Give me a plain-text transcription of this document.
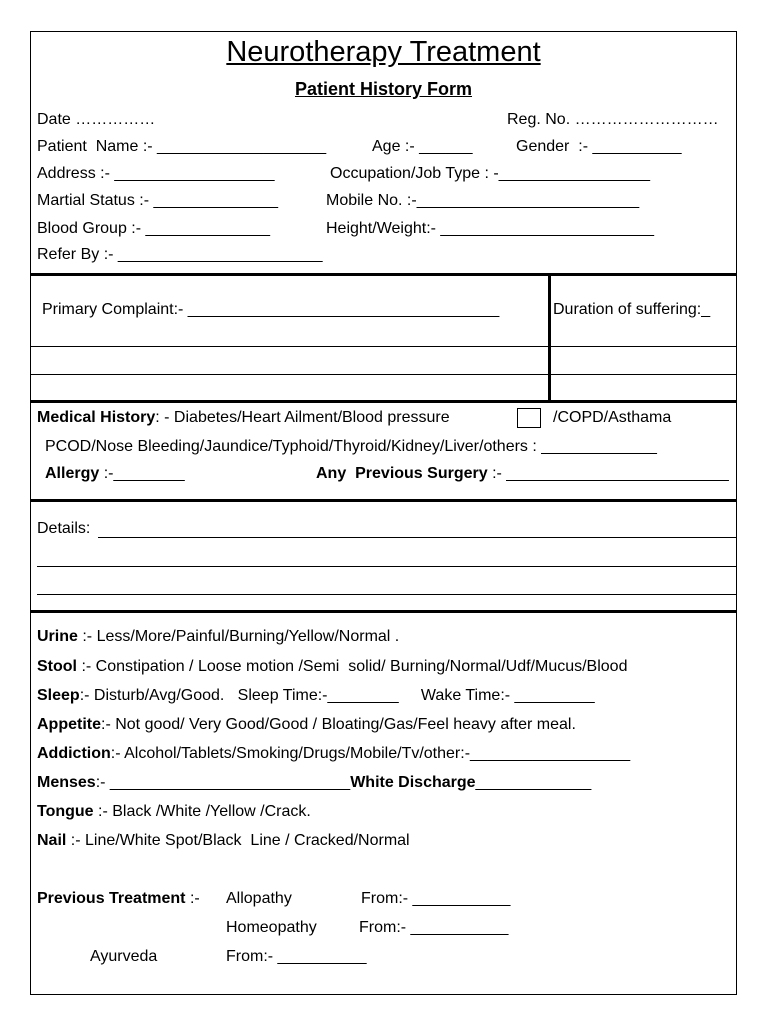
Neurotherapy Treatment
Patient History Form
Date ……………	Reg. No. ………………………
Patient  Name :- ___________________	Age :- ______	Gender  :- __________
Address :- __________________	Occupation/Job Type : -_________________
Martial Status :- ______________	Mobile No. :-_________________________
Blood Group :- ______________	Height/Weight:- ________________________
Refer By :- _______________________
Primary Complaint:- ___________________________________	Duration of suffering:_
Medical History: - Diabetes/Heart Ailment/Blood pressure	/COPD/Asthama
PCOD/Nose Bleeding/Jaundice/Typhoid/Thyroid/Kidney/Liver/others : _____________
Allergy :-________	Any  Previous Surgery :- _________________________
Details:
Urine :- Less/More/Painful/Burning/Yellow/Normal .
Stool :- Constipation / Loose motion /Semi  solid/ Burning/Normal/Udf/Mucus/Blood
Sleep:- Disturb/Avg/Good.   Sleep Time:-________     Wake Time:- _________
Appetite:- Not good/ Very Good/Good / Bloating/Gas/Feel heavy after meal.
Addiction:- Alcohol/Tablets/Smoking/Drugs/Mobile/Tv/other:-__________________
Menses:- ___________________________White Discharge_____________
Tongue :- Black /White /Yellow /Crack.
Nail :- Line/White Spot/Black  Line / Cracked/Normal
Previous Treatment :- Allopathy	From:- ___________
Homeopathy	From:- ___________
Ayurveda	From:- __________
